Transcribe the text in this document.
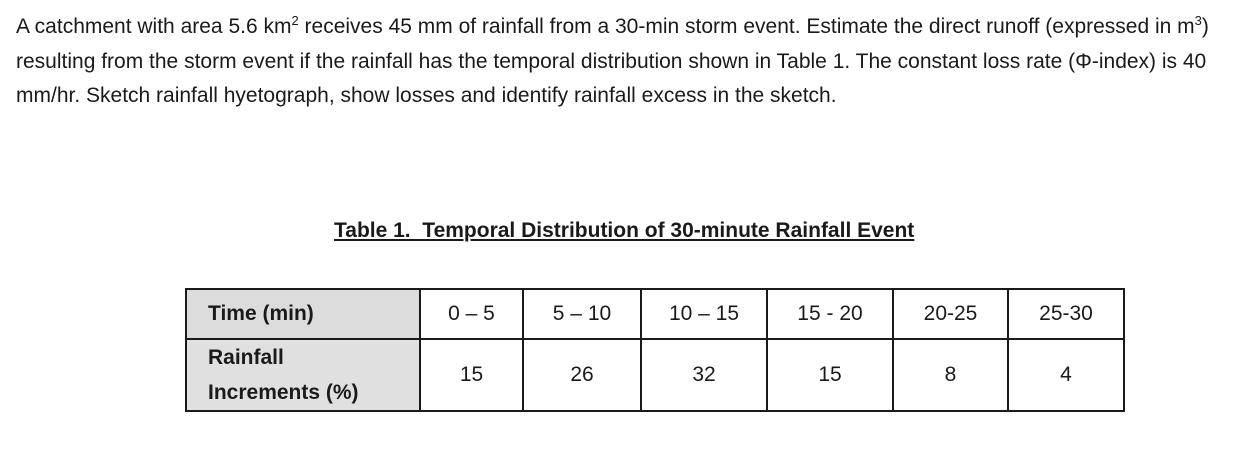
A catchment with area 5.6 $km^2$ receives 45 mm of rainfall from a 30-min storm event. Estimate the direct runoff (expressed in $m^3$) resulting from the storm event if the rainfall has the temporal distribution shown in Table 1. The constant loss rate (Φ-index) is 40 mm/hr. Sketch rainfall hyetograph, show losses and identify rainfall excess in the sketch.

Table 1.  Temporal Distribution of 30-minute Rainfall Event

Time (min)	0 – 5	5 – 10	10 – 15	15 - 20	20-25	25-30
Rainfall
Increments (%)	15	26	32	15	8	4
